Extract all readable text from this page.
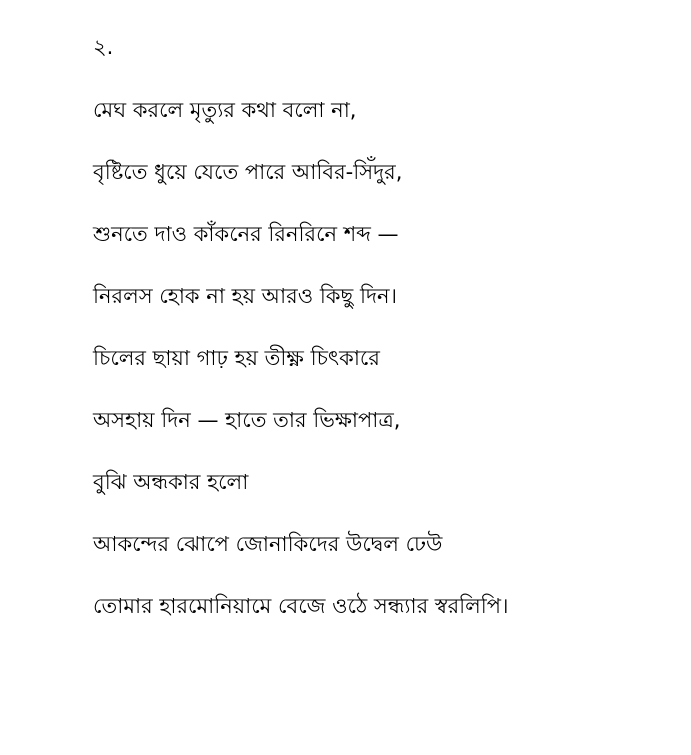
২.
মেঘ করলে মৃত্যুর কথা বলো না,
বৃষ্টিতে ধুয়ে যেতে পারে আবির-সিঁদুর,
শুনতে দাও কাঁকনের রিনরিনে শব্দ —
নিরলস হোক না হয় আরও কিছু দিন।
চিলের ছায়া গাঢ় হয় তীক্ষ্ণ চিৎকারে
অসহায় দিন — হাতে তার ভিক্ষাপাত্র,
বুঝি অন্ধকার হলো
আকন্দের ঝোপে জোনাকিদের উদ্বেল ঢেউ
তোমার হারমোনিয়ামে বেজে ওঠে সন্ধ্যার স্বরলিপি।
